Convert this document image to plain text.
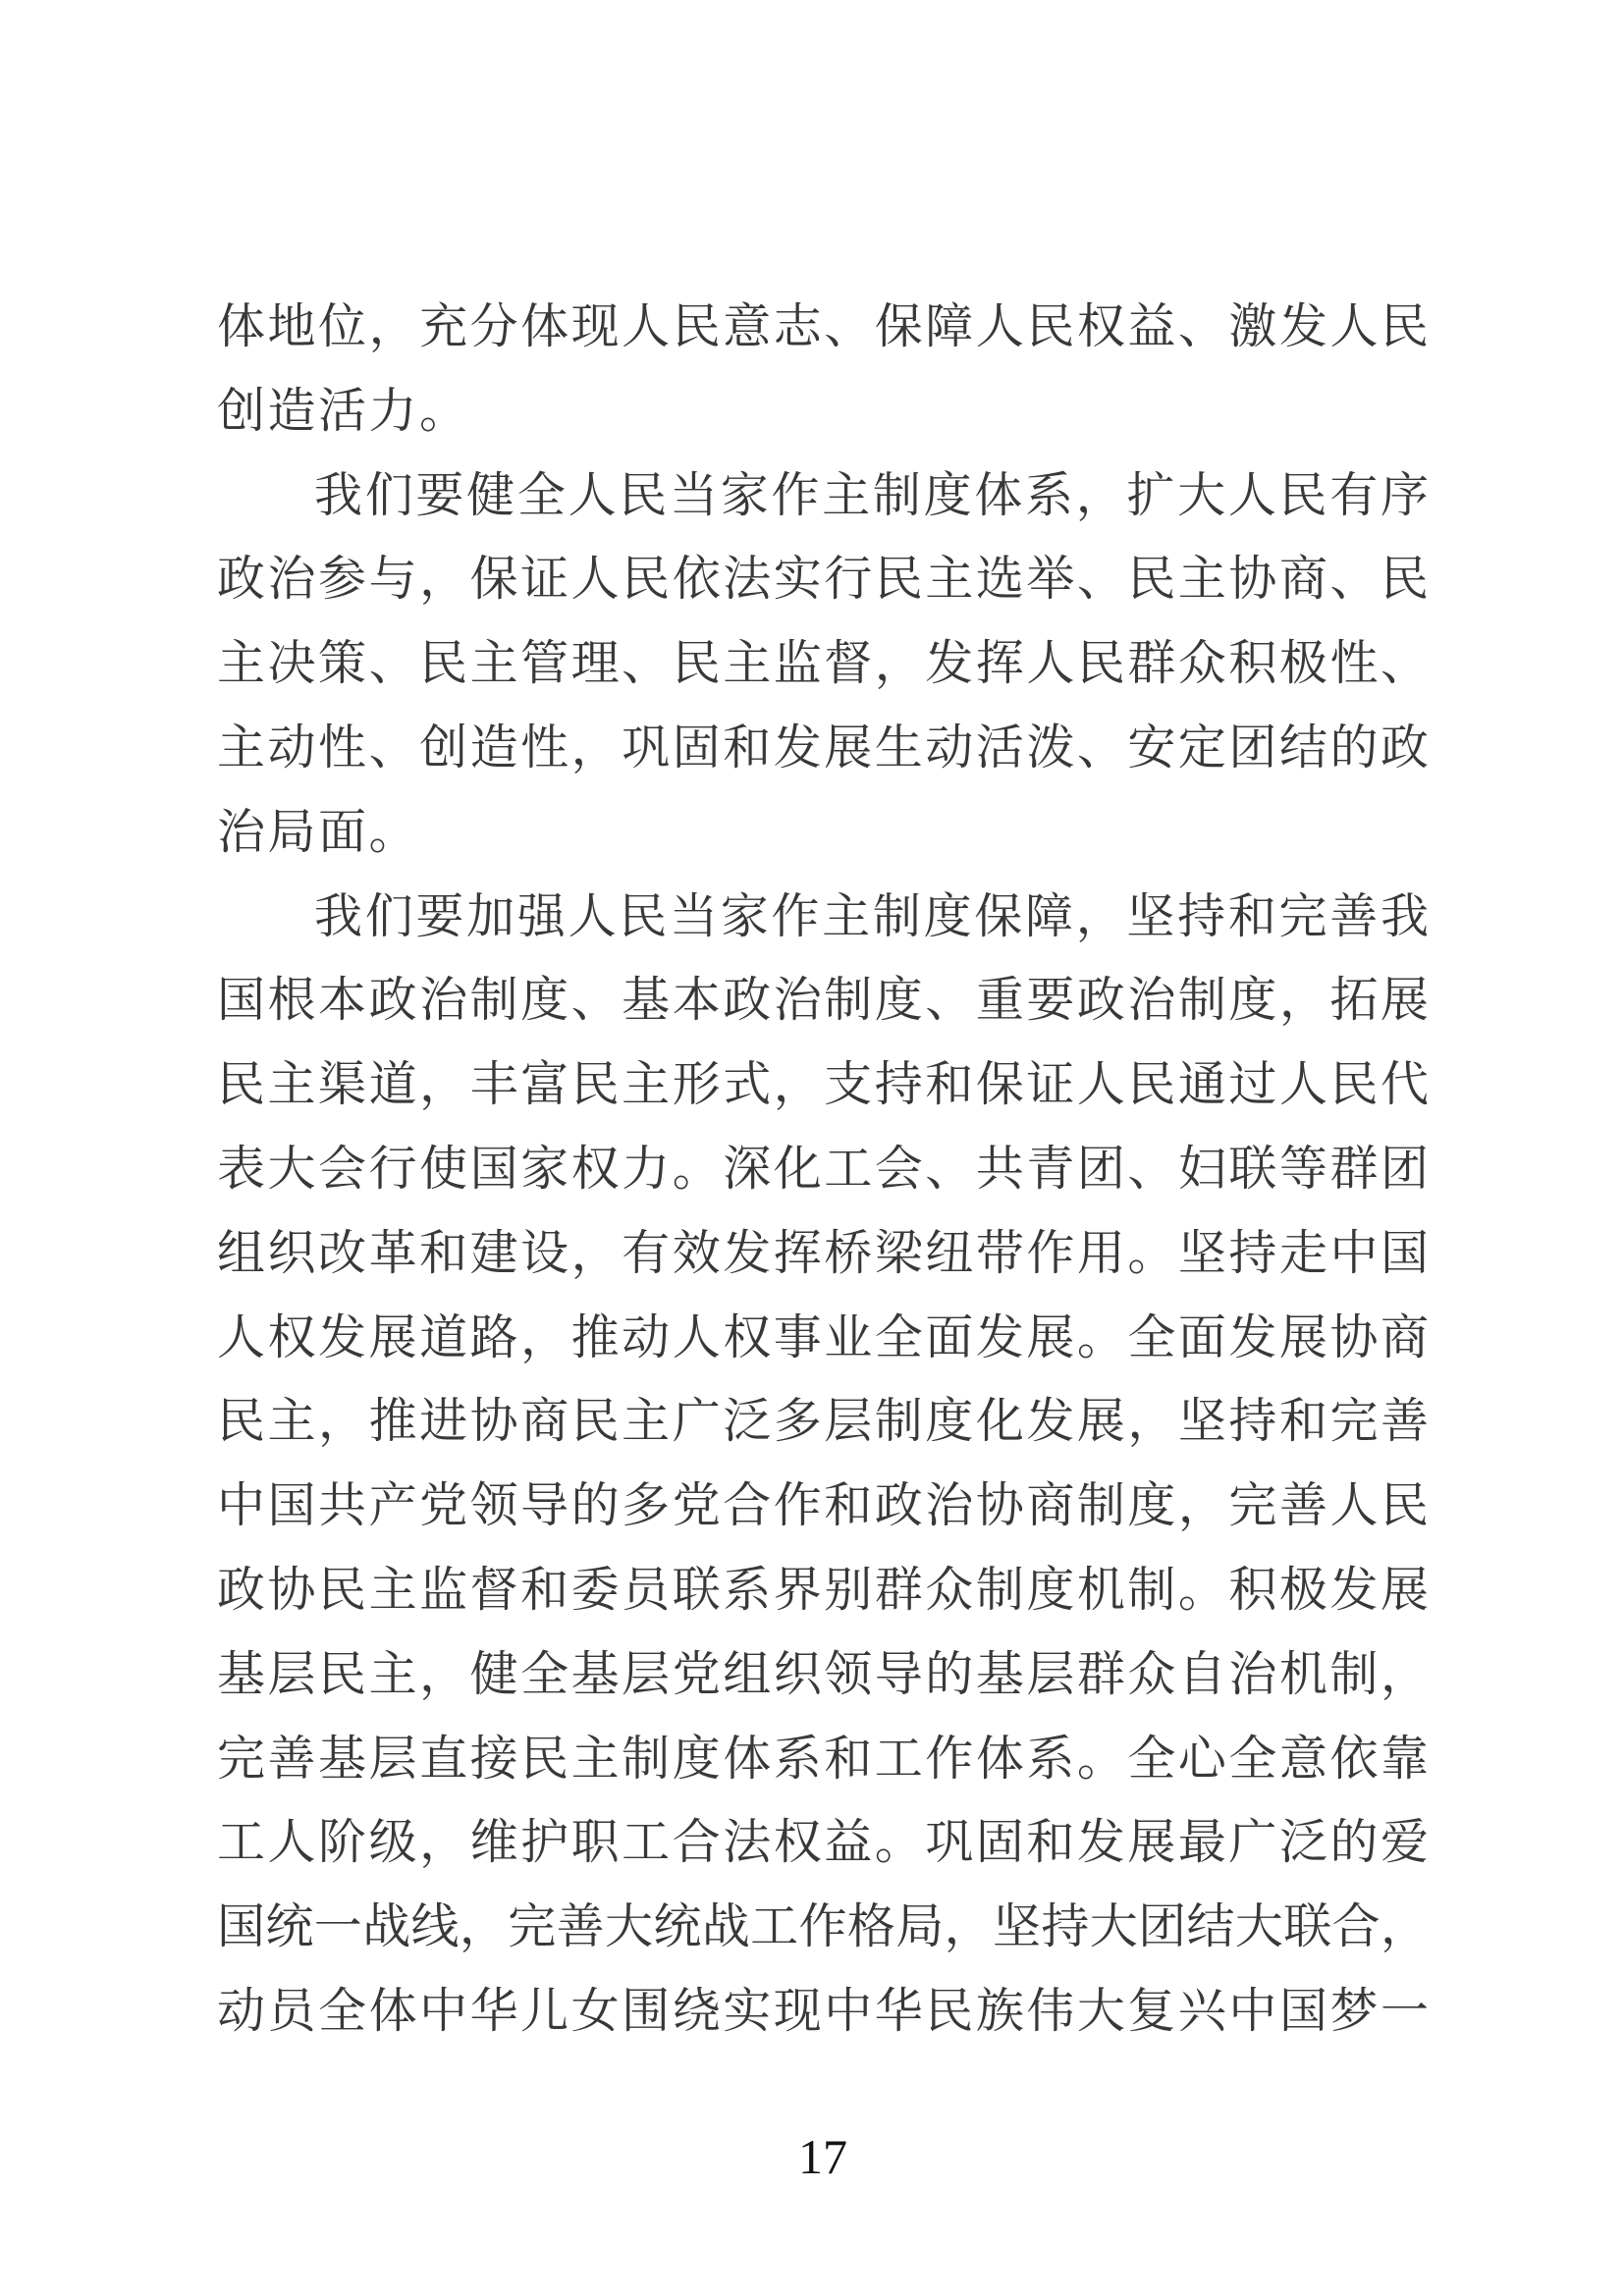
体地位，充分体现人民意志、保障人民权益、激发人民
创造活力。
我们要健全人民当家作主制度体系，扩大人民有序
政治参与，保证人民依法实行民主选举、民主协商、民
主决策、民主管理、民主监督，发挥人民群众积极性、
主动性、创造性，巩固和发展生动活泼、安定团结的政
治局面。
我们要加强人民当家作主制度保障，坚持和完善我
国根本政治制度、基本政治制度、重要政治制度，拓展
民主渠道，丰富民主形式，支持和保证人民通过人民代
表大会行使国家权力。深化工会、共青团、妇联等群团
组织改革和建设，有效发挥桥梁纽带作用。坚持走中国
人权发展道路，推动人权事业全面发展。全面发展协商
民主，推进协商民主广泛多层制度化发展，坚持和完善
中国共产党领导的多党合作和政治协商制度，完善人民
政协民主监督和委员联系界别群众制度机制。积极发展
基层民主，健全基层党组织领导的基层群众自治机制，
完善基层直接民主制度体系和工作体系。全心全意依靠
工人阶级，维护职工合法权益。巩固和发展最广泛的爱
国统一战线，完善大统战工作格局，坚持大团结大联合，
动员全体中华儿女围绕实现中华民族伟大复兴中国梦一
17
